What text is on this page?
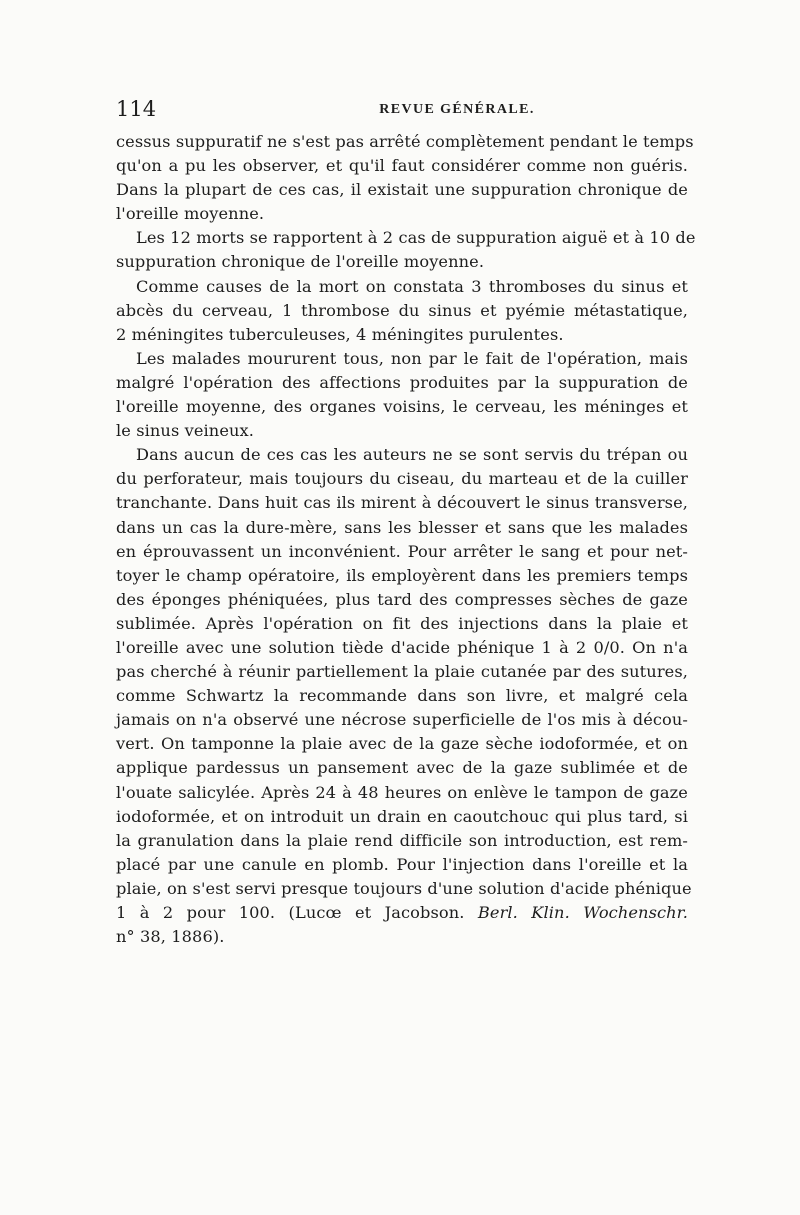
114	REVUE GÉNÉRALE.
cessus suppuratif ne s'est pas arrêté complètement pendant le temps
qu'on a pu les observer, et qu'il faut considérer comme non guéris.
Dans la plupart de ces cas, il existait une suppuration chronique de
l'oreille moyenne.
Les 12 morts se rapportent à 2 cas de suppuration aiguë et à 10 de
suppuration chronique de l'oreille moyenne.
Comme causes de la mort on constata 3 thromboses du sinus et
abcès du cerveau, 1 thrombose du sinus et pyémie métastatique,
2 méningites tuberculeuses, 4 méningites purulentes.
Les malades moururent tous, non par le fait de l'opération, mais
malgré l'opération des affections produites par la suppuration de
l'oreille moyenne, des organes voisins, le cerveau, les méninges et
le sinus veineux.
Dans aucun de ces cas les auteurs ne se sont servis du trépan ou
du perforateur, mais toujours du ciseau, du marteau et de la cuiller
tranchante. Dans huit cas ils mirent à découvert le sinus transverse,
dans un cas la dure-mère, sans les blesser et sans que les malades
en éprouvassent un inconvénient. Pour arrêter le sang et pour net-
toyer le champ opératoire, ils employèrent dans les premiers temps
des éponges phéniquées, plus tard des compresses sèches de gaze
sublimée. Après l'opération on fit des injections dans la plaie et
l'oreille avec une solution tiède d'acide phénique 1 à 2 0/0. On n'a
pas cherché à réunir partiellement la plaie cutanée par des sutures,
comme Schwartz la recommande dans son livre, et malgré cela
jamais on n'a observé une nécrose superficielle de l'os mis à décou-
vert. On tamponne la plaie avec de la gaze sèche iodoformée, et on
applique pardessus un pansement avec de la gaze sublimée et de
l'ouate salicylée. Après 24 à 48 heures on enlève le tampon de gaze
iodoformée, et on introduit un drain en caoutchouc qui plus tard, si
la granulation dans la plaie rend difficile son introduction, est rem-
placé par une canule en plomb. Pour l'injection dans l'oreille et la
plaie, on s'est servi presque toujours d'une solution d'acide phénique
1 à 2 pour 100. (Lucœ et Jacobson. Berl. Klin. Wochenschr.
n° 38, 1886).
